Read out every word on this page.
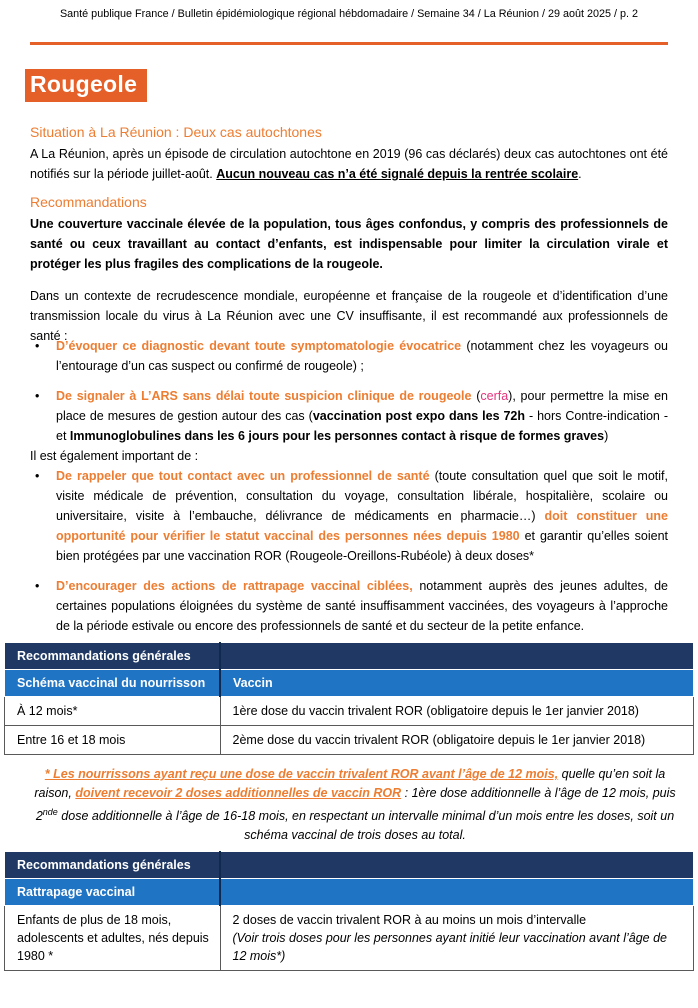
Santé publique France / Bulletin épidémiologique régional hébdomadaire / Semaine 34 / La Réunion / 29 août 2025 / p. 2
Rougeole
Situation à La Réunion : Deux cas autochtones

A La Réunion, après un épisode de circulation autochtone en 2019 (96 cas déclarés) deux cas autochtones ont été notifiés sur la période juillet-août. Aucun nouveau cas n’a été signalé depuis la rentrée scolaire.

Recommandations

Une couverture vaccinale élevée de la population, tous âges confondus, y compris des professionnels de santé ou ceux travaillant au contact d’enfants, est indispensable pour limiter la circulation virale et protéger les plus fragiles des complications de la rougeole.

Dans un contexte de recrudescence mondiale, européenne et française de la rougeole et d’identification d’une transmission locale du virus à La Réunion avec une CV insuffisante, il est recommandé aux professionnels de santé :

• D’évoquer ce diagnostic devant toute symptomatologie évocatrice (notamment chez les voyageurs ou l’entourage d’un cas suspect ou confirmé de rougeole) ;
• De signaler à L’ARS sans délai toute suspicion clinique de rougeole (cerfa), pour permettre la mise en place de mesures de gestion autour des cas (vaccination post expo dans les 72h - hors Contre-indication - et Immunoglobulines dans les 6 jours pour les personnes contact à risque de formes graves)

Il est également important de :

• De rappeler que tout contact avec un professionnel de santé (toute consultation quel que soit le motif, visite médicale de prévention, consultation du voyage, consultation libérale, hospitalière, scolaire ou universitaire, visite à l’embauche, délivrance de médicaments en pharmacie…) doit constituer une opportunité pour vérifier le statut vaccinal des personnes nées depuis 1980 et garantir qu’elles soient bien protégées par une vaccination ROR (Rougeole-Oreillons-Rubéole) à deux doses*
• D’encourager des actions de rattrapage vaccinal ciblées, notamment auprès des jeunes adultes, de certaines populations éloignées du système de santé insuffisamment vaccinées, des voyageurs à l’approche de la période estivale ou encore des professionnels de santé et du secteur de la petite enfance.
Recommandations générales	
Schéma vaccinal du nourrisson	Vaccin
À 12 mois*	1ère dose du vaccin trivalent ROR (obligatoire depuis le 1er janvier 2018)
Entre 16 et 18 mois	2ème dose du vaccin trivalent ROR (obligatoire depuis le 1er janvier 2018)

* Les nourrissons ayant reçu une dose de vaccin trivalent ROR avant l’âge de 12 mois, quelle qu’en soit la raison, doivent recevoir 2 doses additionnelles de vaccin ROR : 1ère dose additionnelle à l’âge de 12 mois, puis 2nde dose additionnelle à l’âge de 16-18 mois, en respectant un intervalle minimal d’un mois entre les doses, soit un schéma vaccinal de trois doses au total.

Recommandations générales	
Rattrapage vaccinal	
Enfants de plus de 18 mois, adolescents et adultes, nés depuis 1980 *	2 doses de vaccin trivalent ROR à au moins un mois d’intervalle
(Voir trois doses pour les personnes ayant initié leur vaccination avant l’âge de 12 mois*)
